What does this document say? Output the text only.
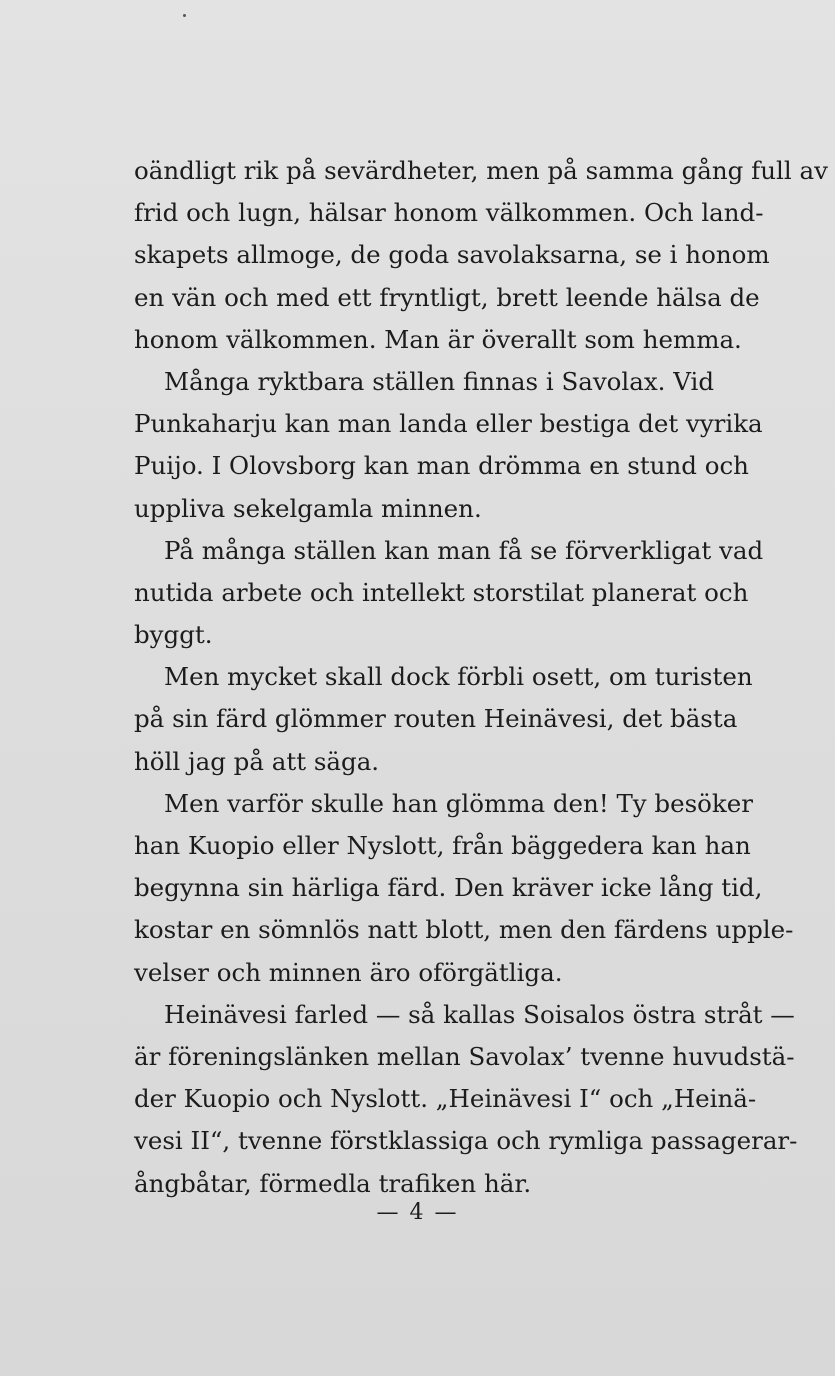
oändligt rik på sevärdheter, men på samma gång full av
frid och lugn, hälsar honom välkommen. Och land-
skapets allmoge, de goda savolaksarna, se i honom
en vän och med ett fryntligt, brett leende hälsa de
honom välkommen. Man är överallt som hemma.
Många ryktbara ställen finnas i Savolax. Vid
Punkaharju kan man landa eller bestiga det vyrika
Puijo. I Olovsborg kan man drömma en stund och
uppliva sekelgamla minnen.
På många ställen kan man få se förverkligat vad
nutida arbete och intellekt storstilat planerat och
byggt.
Men mycket skall dock förbli osett, om turisten
på sin färd glömmer routen Heinävesi, det bästa
höll jag på att säga.
Men varför skulle han glömma den! Ty besöker
han Kuopio eller Nyslott, från bäggedera kan han
begynna sin härliga färd. Den kräver icke lång tid,
kostar en sömnlös natt blott, men den färdens upple-
velser och minnen äro oförgätliga.
Heinävesi farled — så kallas Soisalos östra stråt —
är föreningslänken mellan Savolax’ tvenne huvudstä-
der Kuopio och Nyslott. „Heinävesi I“ och „Heinä-
vesi II“, tvenne förstklassiga och rymliga passagerar-
ångbåtar, förmedla trafiken här.
— 4 —
